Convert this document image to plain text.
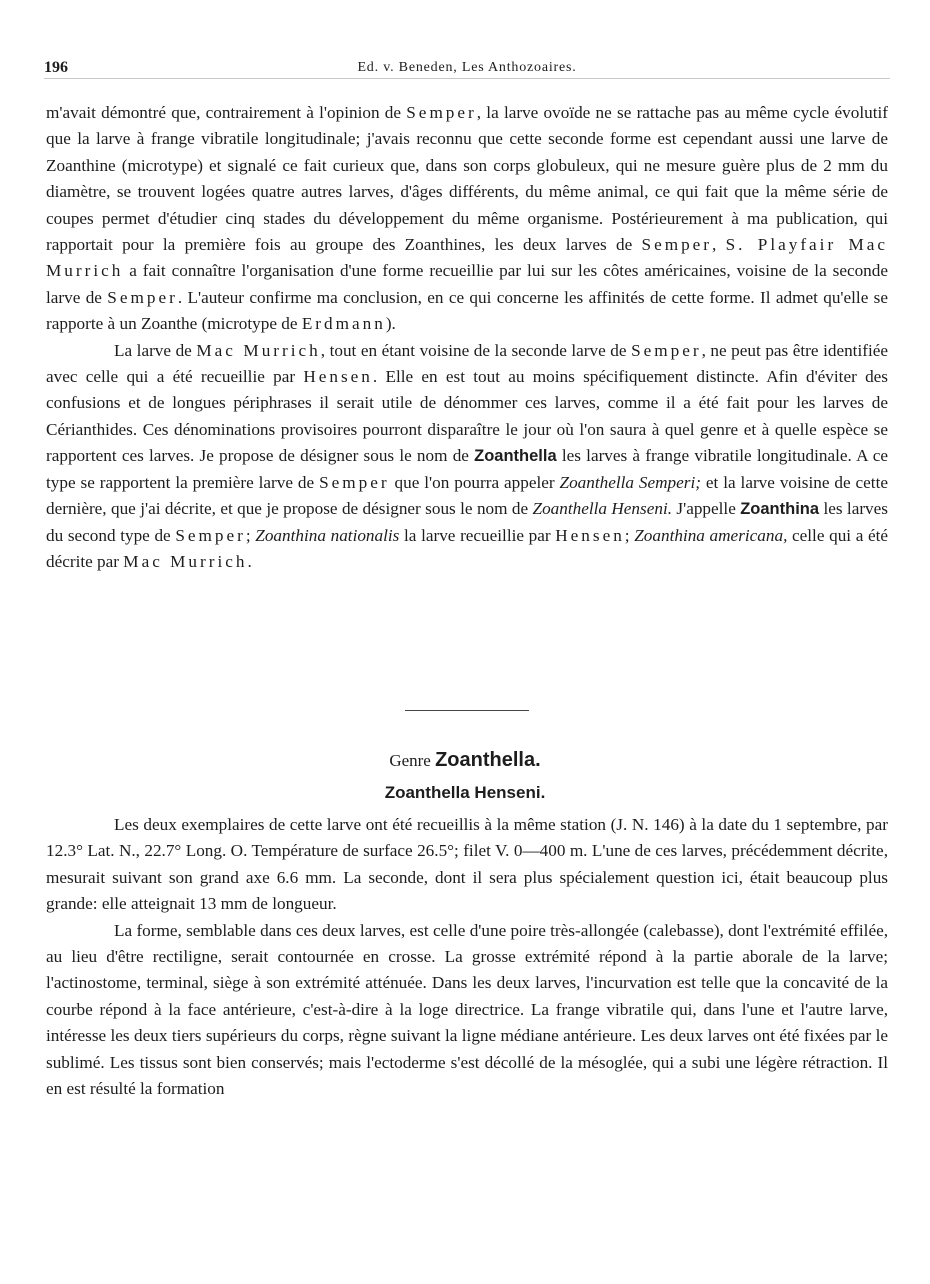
196	Ed. v. Beneden, Les Anthozoaires.

m'avait démontré que, contrairement à l'opinion de Semper, la larve ovoïde ne se rattache pas au même cycle évolutif que la larve à frange vibratile longitudinale; j'avais reconnu que cette seconde forme est cependant aussi une larve de Zoanthine (microtype) et signalé ce fait curieux que, dans son corps globuleux, qui ne mesure guère plus de 2 mm du diamètre, se trouvent logées quatre autres larves, d'âges différents, du même animal, ce qui fait que la même série de coupes permet d'étudier cinq stades du développement du même organisme. Postérieurement à ma publication, qui rapportait pour la première fois au groupe des Zoanthines, les deux larves de Semper, S. Playfair Mac Murrich a fait connaître l'organisation d'une forme recueillie par lui sur les côtes américaines, voisine de la seconde larve de Semper. L'auteur confirme ma conclusion, en ce qui concerne les affinités de cette forme. Il admet qu'elle se rapporte à un Zoanthe (microtype de Erdmann).

La larve de Mac Murrich, tout en étant voisine de la seconde larve de Semper, ne peut pas être identifiée avec celle qui a été recueillie par Hensen. Elle en est tout au moins spécifiquement distincte. Afin d'éviter des confusions et de longues périphrases il serait utile de dénommer ces larves, comme il a été fait pour les larves de Cérianthides. Ces dénominations provisoires pourront disparaître le jour où l'on saura à quel genre et à quelle espèce se rapportent ces larves. Je propose de désigner sous le nom de Zoanthella les larves à frange vibratile longitudinale. A ce type se rapportent la première larve de Semper que l'on pourra appeler Zoanthella Semperi; et la larve voisine de cette dernière, que j'ai décrite, et que je propose de désigner sous le nom de Zoanthella Henseni. J'appelle Zoanthina les larves du second type de Semper; Zoanthina nationalis la larve recueillie par Hensen; Zoanthina americana, celle qui a été décrite par Mac Murrich.

Genre Zoanthella.
Zoanthella Henseni.

Les deux exemplaires de cette larve ont été recueillis à la même station (J. N. 146) à la date du 1 septembre, par 12.3° Lat. N., 22.7° Long. O. Température de surface 26.5°; filet V. 0—400 m. L'une de ces larves, précédemment décrite, mesurait suivant son grand axe 6.6 mm. La seconde, dont il sera plus spécialement question ici, était beaucoup plus grande: elle atteignait 13 mm de longueur.

La forme, semblable dans ces deux larves, est celle d'une poire très-allongée (calebasse), dont l'extrémité effilée, au lieu d'être rectiligne, serait contournée en crosse. La grosse extrémité répond à la partie aborale de la larve; l'actinostome, terminal, siège à son extrémité atténuée. Dans les deux larves, l'incurvation est telle que la concavité de la courbe répond à la face antérieure, c'est-à-dire à la loge directrice. La frange vibratile qui, dans l'une et l'autre larve, intéresse les deux tiers supérieurs du corps, règne suivant la ligne médiane antérieure. Les deux larves ont été fixées par le sublimé. Les tissus sont bien conservés; mais l'ectoderme s'est décollé de la mésoglée, qui a subi une légère rétraction. Il en est résulté la formation
